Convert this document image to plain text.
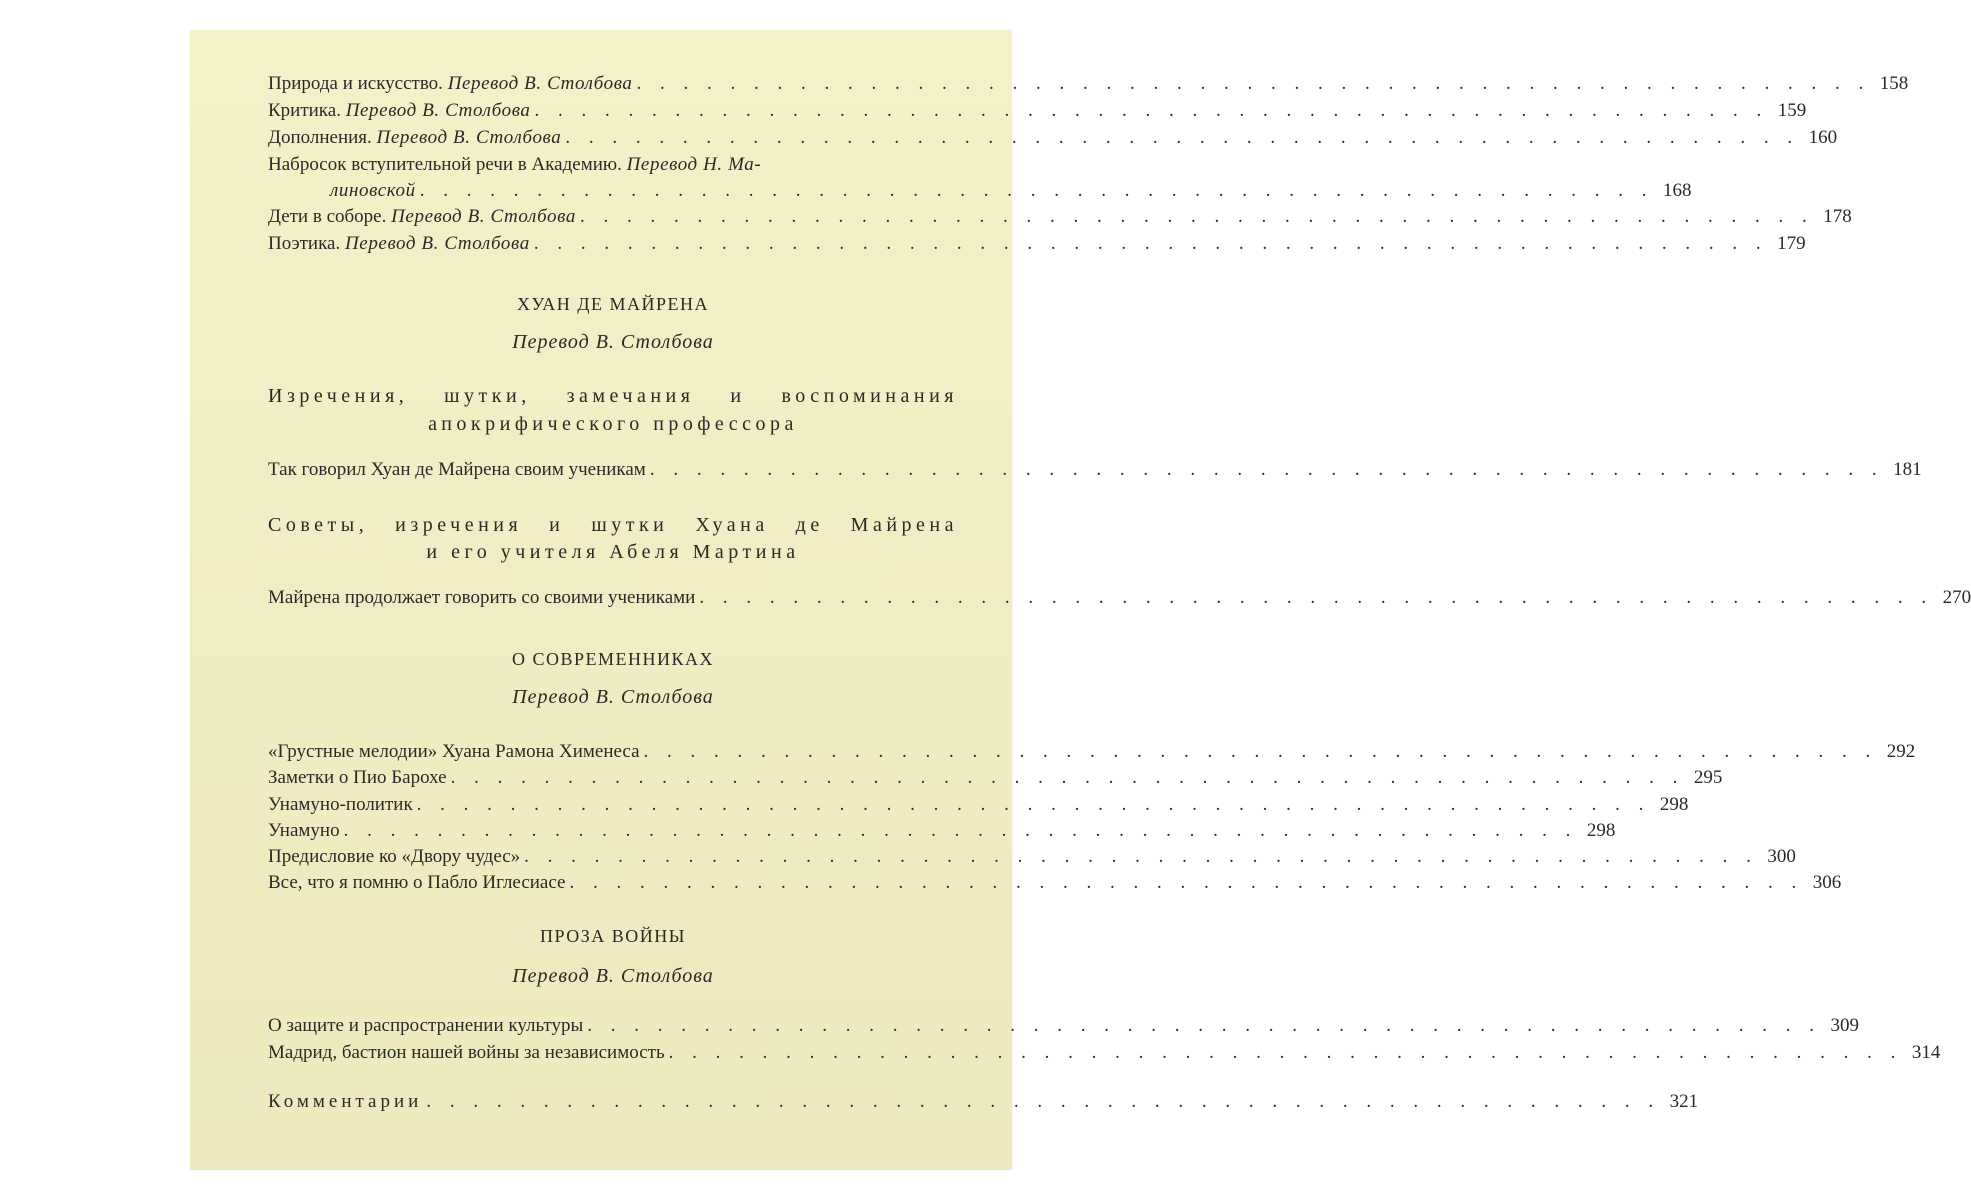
Природа и искусство. Перевод В. Столбова . . . . . . . . . . . . . . . . . . . . . . . . . . . . . . . . . . . . . . . . . . . . . . . . . . . . . 158
Критика. Перевод В. Столбова . . . . . . . . . . . . . . . . . . . . . . . . . . . . . . . . . . . . . . . . . . . . . . . . . . . . . 159
Дополнения. Перевод В. Столбова . . . . . . . . . . . . . . . . . . . . . . . . . . . . . . . . . . . . . . . . . . . . . . . . . . . . . 160
Набросок вступительной речи в Академию. Перевод Н. Ма-
линовской . . . . . . . . . . . . . . . . . . . . . . . . . . . . . . . . . . . . . . . . . . . . . . . . . . . . . 168
Дети в соборе. Перевод В. Столбова . . . . . . . . . . . . . . . . . . . . . . . . . . . . . . . . . . . . . . . . . . . . . . . . . . . . . 178
Поэтика. Перевод В. Столбова . . . . . . . . . . . . . . . . . . . . . . . . . . . . . . . . . . . . . . . . . . . . . . . . . . . . . 179
ХУАН ДЕ МАЙРЕНА
Перевод В. Столбова
Изречения, шутки, замечания и воспоминания
апокрифического профессора
Так говорил Хуан де Майрена своим ученикам . . . . . . . . . . . . . . . . . . . . . . . . . . . . . . . . . . . . . . . . . . . . . . . . . . . . . 181
Советы, изречения и шутки Хуана де Майрена
и его учителя Абеля Мартина
Майрена продолжает говорить со своими учениками . . . . . . . . . . . . . . . . . . . . . . . . . . . . . . . . . . . . . . . . . . . . . . . . . . . . . 270
О СОВРЕМЕННИКАХ
Перевод В. Столбова
«Грустные мелодии» Хуана Рамона Хименеса . . . . . . . . . . . . . . . . . . . . . . . . . . . . . . . . . . . . . . . . . . . . . . . . . . . . . 292
Заметки о Пио Барохе . . . . . . . . . . . . . . . . . . . . . . . . . . . . . . . . . . . . . . . . . . . . . . . . . . . . . 295
Унамуно-политик . . . . . . . . . . . . . . . . . . . . . . . . . . . . . . . . . . . . . . . . . . . . . . . . . . . . . 298
Унамуно . . . . . . . . . . . . . . . . . . . . . . . . . . . . . . . . . . . . . . . . . . . . . . . . . . . . . 298
Предисловие ко «Двору чудес» . . . . . . . . . . . . . . . . . . . . . . . . . . . . . . . . . . . . . . . . . . . . . . . . . . . . . 300
Все, что я помню о Пабло Иглесиасе . . . . . . . . . . . . . . . . . . . . . . . . . . . . . . . . . . . . . . . . . . . . . . . . . . . . . 306
ПРОЗА ВОЙНЫ
Перевод В. Столбова
О защите и распространении культуры . . . . . . . . . . . . . . . . . . . . . . . . . . . . . . . . . . . . . . . . . . . . . . . . . . . . . 309
Мадрид, бастион нашей войны за независимость . . . . . . . . . . . . . . . . . . . . . . . . . . . . . . . . . . . . . . . . . . . . . . . . . . . . . 314
Комментарии . . . . . . . . . . . . . . . . . . . . . . . . . . . . . . . . . . . . . . . . . . . . . . . . . . . . . 321
